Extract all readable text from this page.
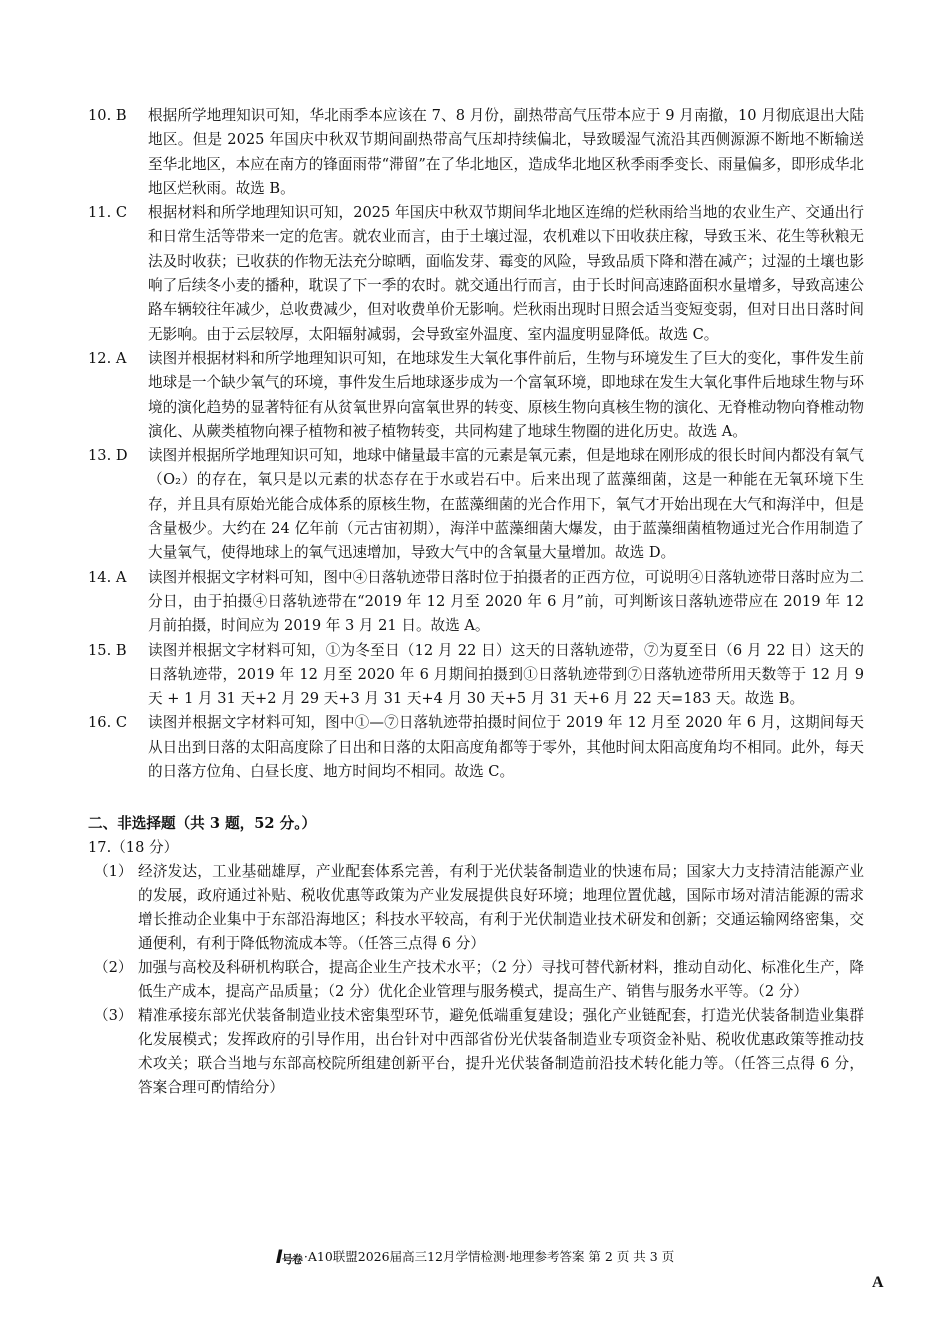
10. B	根据所学地理知识可知，华北雨季本应该在 7、8 月份，副热带高气压带本应于 9 月南撤，10 月彻底退出大陆地区。但是 2025 年国庆中秋双节期间副热带高气压却持续偏北，导致暖湿气流沿其西侧源源不断地不断输送至华北地区，本应在南方的锋面雨带“滞留”在了华北地区，造成华北地区秋季雨季变长、雨量偏多，即形成华北地区烂秋雨。故选 B。
11. C	根据材料和所学地理知识可知，2025 年国庆中秋双节期间华北地区连绵的烂秋雨给当地的农业生产、交通出行和日常生活等带来一定的危害。就农业而言，由于土壤过湿，农机难以下田收获庄稼，导致玉米、花生等秋粮无法及时收获；已收获的作物无法充分晾晒，面临发芽、霉变的风险，导致品质下降和潜在减产；过湿的土壤也影响了后续冬小麦的播种，耽误了下一季的农时。就交通出行而言，由于长时间高速路面积水量增多，导致高速公路车辆较往年减少，总收费减少，但对收费单价无影响。烂秋雨出现时日照会适当变短变弱，但对日出日落时间无影响。由于云层较厚，太阳辐射减弱，会导致室外温度、室内温度明显降低。故选 C。
12. A	读图并根据材料和所学地理知识可知，在地球发生大氧化事件前后，生物与环境发生了巨大的变化，事件发生前地球是一个缺少氧气的环境，事件发生后地球逐步成为一个富氧环境，即地球在发生大氧化事件后地球生物与环境的演化趋势的显著特征有从贫氧世界向富氧世界的转变、原核生物向真核生物的演化、无脊椎动物向脊椎动物演化、从蕨类植物向裸子植物和被子植物转变，共同构建了地球生物圈的进化历史。故选 A。
13. D	读图并根据所学地理知识可知，地球中储量最丰富的元素是氧元素，但是地球在刚形成的很长时间内都没有氧气（O₂）的存在，氧只是以元素的状态存在于水或岩石中。后来出现了蓝藻细菌，这是一种能在无氧环境下生存，并且具有原始光能合成体系的原核生物，在蓝藻细菌的光合作用下，氧气才开始出现在大气和海洋中，但是含量极少。大约在 24 亿年前（元古宙初期），海洋中蓝藻细菌大爆发，由于蓝藻细菌植物通过光合作用制造了大量氧气，使得地球上的氧气迅速增加，导致大气中的含氧量大量增加。故选 D。
14. A	读图并根据文字材料可知，图中④日落轨迹带日落时位于拍摄者的正西方位，可说明④日落轨迹带日落时应为二分日，由于拍摄④日落轨迹带在“2019 年 12 月至 2020 年 6 月”前，可判断该日落轨迹带应在 2019 年 12 月前拍摄，时间应为 2019 年 3 月 21 日。故选 A。
15. B	读图并根据文字材料可知，①为冬至日（12 月 22 日）这天的日落轨迹带，⑦为夏至日（6 月 22 日）这天的日落轨迹带，2019 年 12 月至 2020 年 6 月期间拍摄到①日落轨迹带到⑦日落轨迹带所用天数等于 12 月 9 天 + 1 月 31 天+2 月 29 天+3 月 31 天+4 月 30 天+5 月 31 天+6 月 22 天=183 天。故选 B。
16. C	读图并根据文字材料可知，图中①—⑦日落轨迹带拍摄时间位于 2019 年 12 月至 2020 年 6 月，这期间每天从日出到日落的太阳高度除了日出和日落的太阳高度角都等于零外，其他时间太阳高度角均不相同。此外，每天的日落方位角、白昼长度、地方时间均不相同。故选 C。
二、非选择题（共 3 题，52 分。）
17.（18 分）
（1） 经济发达，工业基础雄厚，产业配套体系完善，有利于光伏装备制造业的快速布局；国家大力支持清洁能源产业的发展，政府通过补贴、税收优惠等政策为产业发展提供良好环境；地理位置优越，国际市场对清洁能源的需求增长推动企业集中于东部沿海地区；科技水平较高，有利于光伏制造业技术研发和创新；交通运输网络密集，交通便利，有利于降低物流成本等。（任答三点得 6 分）
（2） 加强与高校及科研机构联合，提高企业生产技术水平；（2 分）寻找可替代新材料，推动自动化、标准化生产，降低生产成本，提高产品质量；（2 分）优化企业管理与服务模式，提高生产、销售与服务水平等。（2 分）
（3） 精准承接东部光伏装备制造业技术密集型环节，避免低端重复建设；强化产业链配套，打造光伏装备制造业集群化发展模式；发挥政府的引导作用，出台针对中西部省份光伏装备制造业专项资金补贴、税收优惠政策等推动技术攻关；联合当地与东部高校院所组建创新平台，提升光伏装备制造前沿技术转化能力等。（任答三点得 6 分，答案合理可酌情给分）
I号卷 ·A10联盟2026届高三12月学情检测·地理参考答案 第 2 页 共 3 页
A
